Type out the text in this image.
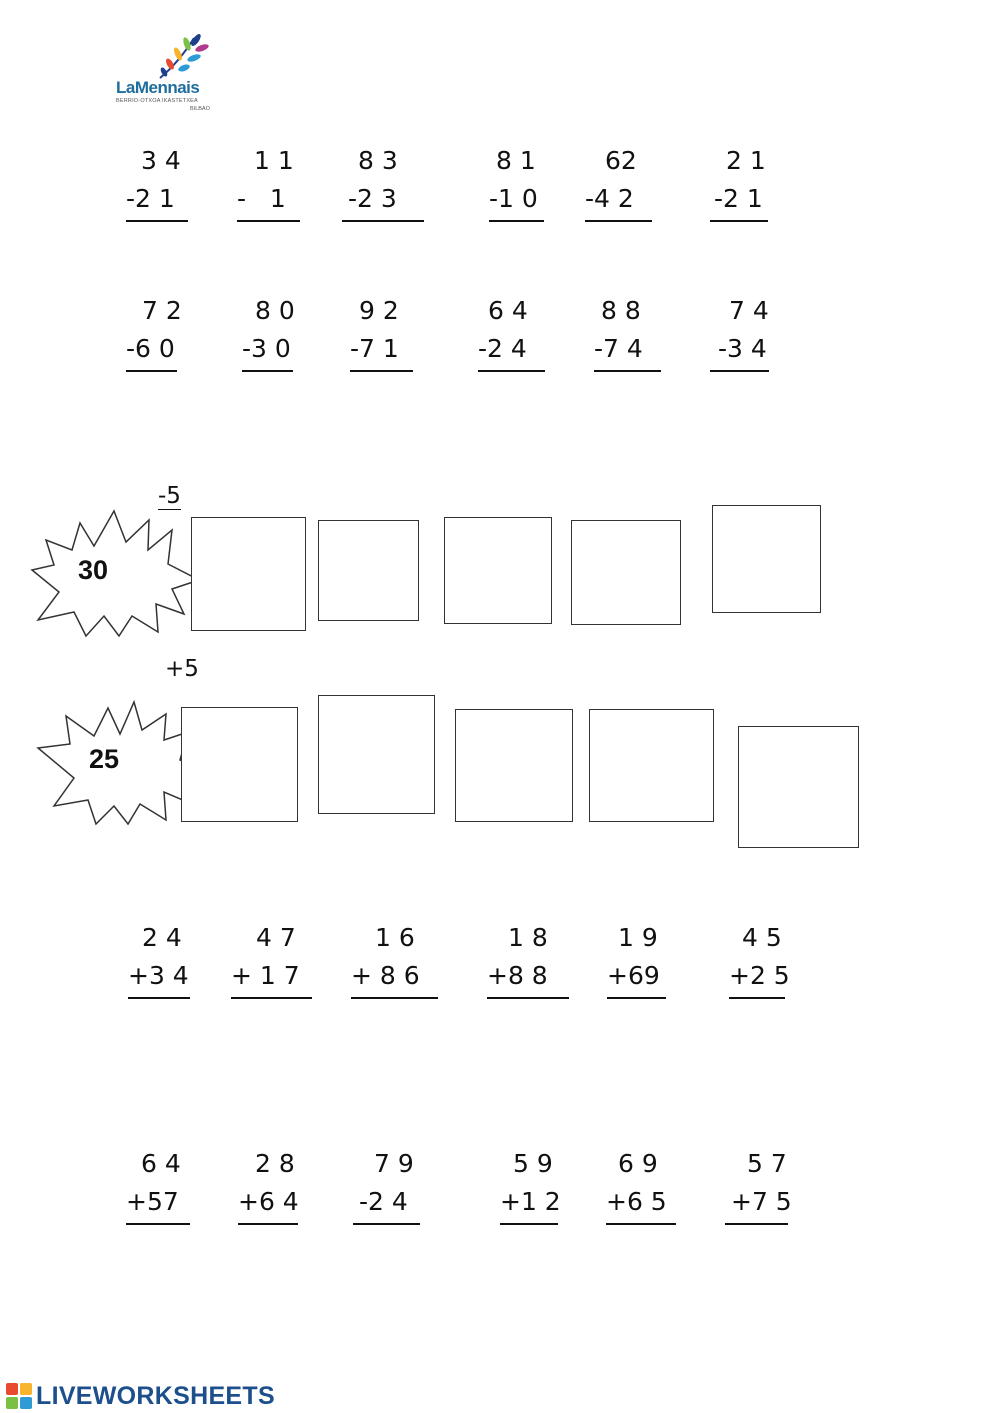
LaMennais
BERRIO-OTXOA IKASTETXEA
BILBAO

3 4

-2 1

1 1

-   1

8 3

-2 3

8 1

-1 0

62

-4 2

2 1

-2 1

7 2

-6 0

8 0

-3 0

9 2

-7 1

6 4

-2 4

8 8

-7 4

7 4

-3 4

30
-5
25
+5

2 4

+3 4

4 7

+ 1 7

1 6

+ 8 6

1 8

+8 8

1 9

+69

4 5

+2 5

6 4

+57

2 8

+6 4

7 9

-2 4

5 9

+1 2

6 9

+6 5

5 7

+7 5

LIVEWORKSHEETS
